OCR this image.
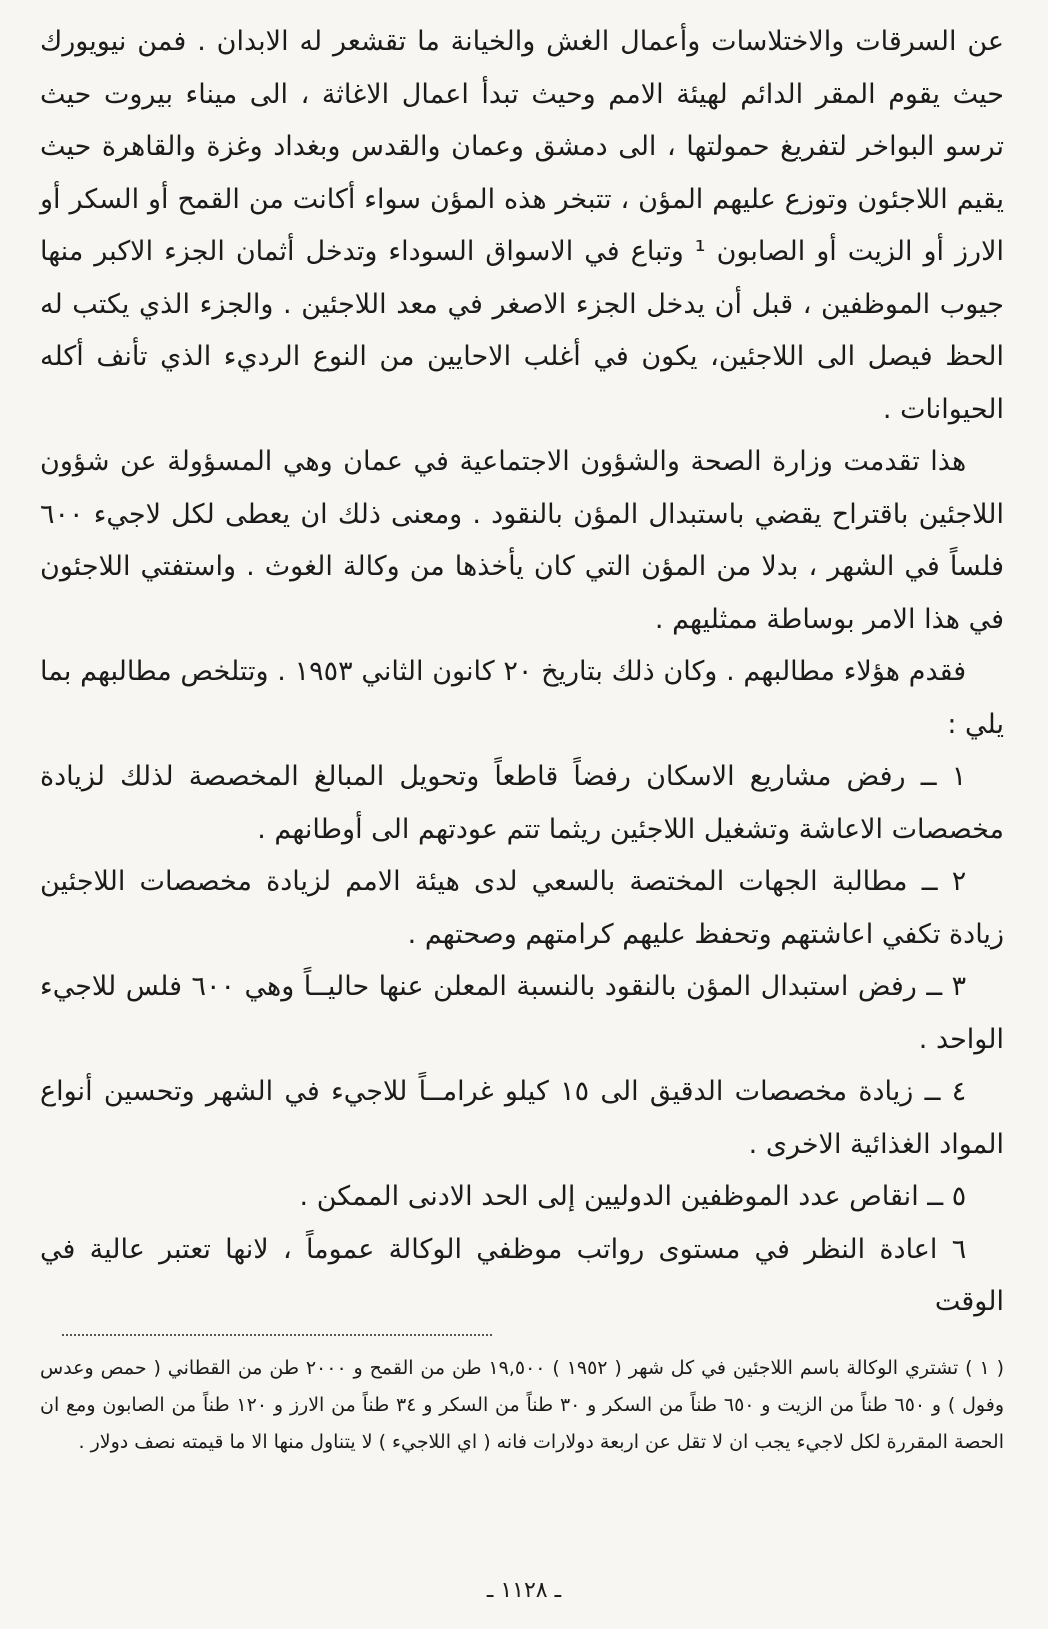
عن السرقات والاختلاسات وأعمال الغش والخيانة ما تقشعر له الابدان . فمن نيويورك حيث يقوم المقر الدائم لهيئة الامم وحيث تبدأ اعمال الاغاثة ، الى ميناء بيروت حيث ترسو البواخر لتفريغ حمولتها ، الى دمشق وعمان والقدس وبغداد وغزة والقاهرة حيث يقيم اللاجئون وتوزع عليهم المؤن ، تتبخر هذه المؤن سواء أكانت من القمح أو السكر أو الارز أو الزيت أو الصابون ¹ وتباع في الاسواق السوداء وتدخل أثمان الجزء الاكبر منها جيوب الموظفين ، قبل أن يدخل الجزء الاصغر في معد اللاجئين . والجزء الذي يكتب له الحظ فيصل الى اللاجئين، يكون في أغلب الاحايين من النوع الرديء الذي تأنف أكله الحيوانات .

هذا تقدمت وزارة الصحة والشؤون الاجتماعية في عمان وهي المسؤولة عن شؤون اللاجئين باقتراح يقضي باستبدال المؤن بالنقود . ومعنى ذلك ان يعطى لكل لاجيء ٦٠٠ فلساً في الشهر ، بدلا من المؤن التي كان يأخذها من وكالة الغوث . واستفتي اللاجئون في هذا الامر بوساطة ممثليهم .

فقدم هؤلاء مطالبهم . وكان ذلك بتاريخ ٢٠ كانون الثاني ١٩٥٣ . وتتلخص مطالبهم بما يلي :

١ ــ رفض مشاريع الاسكان رفضاً قاطعاً وتحويل المبالغ المخصصة لذلك لزيادة مخصصات الاعاشة وتشغيل اللاجئين ريثما تتم عودتهم الى أوطانهم .

٢ ــ مطالبة الجهات المختصة بالسعي لدى هيئة الامم لزيادة مخصصات اللاجئين زيادة تكفي اعاشتهم وتحفظ عليهم كرامتهم وصحتهم .

٣ ــ رفض استبدال المؤن بالنقود بالنسبة المعلن عنها حاليــاً وهي ٦٠٠ فلس للاجيء الواحد .

٤ ــ زيادة مخصصات الدقيق الى ١٥ كيلو غرامــاً للاجيء في الشهر وتحسين أنواع المواد الغذائية الاخرى .

٥ ــ انقاص عدد الموظفين الدوليين إلى الحد الادنى الممكن .

٦ اعادة النظر في مستوى رواتب موظفي الوكالة عموماً ، لانها تعتبر عالية في الوقت

( ١ ) تشتري الوكالة باسم اللاجئين في كل شهر ( ١٩٥٢ ) ١٩,٥٠٠ طن من القمح و ٢٠٠٠ طن من القطاني ( حمص وعدس وفول ) و ٦٥٠ طناً من الزيت و ٦٥٠ طناً من السكر و ٣٠ طناً من السكر و ٣٤ طناً من الارز و ١٢٠ طناً من الصابون ومع ان الحصة المقررة لكل لاجيء يجب ان لا تقل عن اربعة دولارات فانه ( اي اللاجيء ) لا يتناول منها الا ما قيمته نصف دولار .

ـ ١١٢٨ ـ
